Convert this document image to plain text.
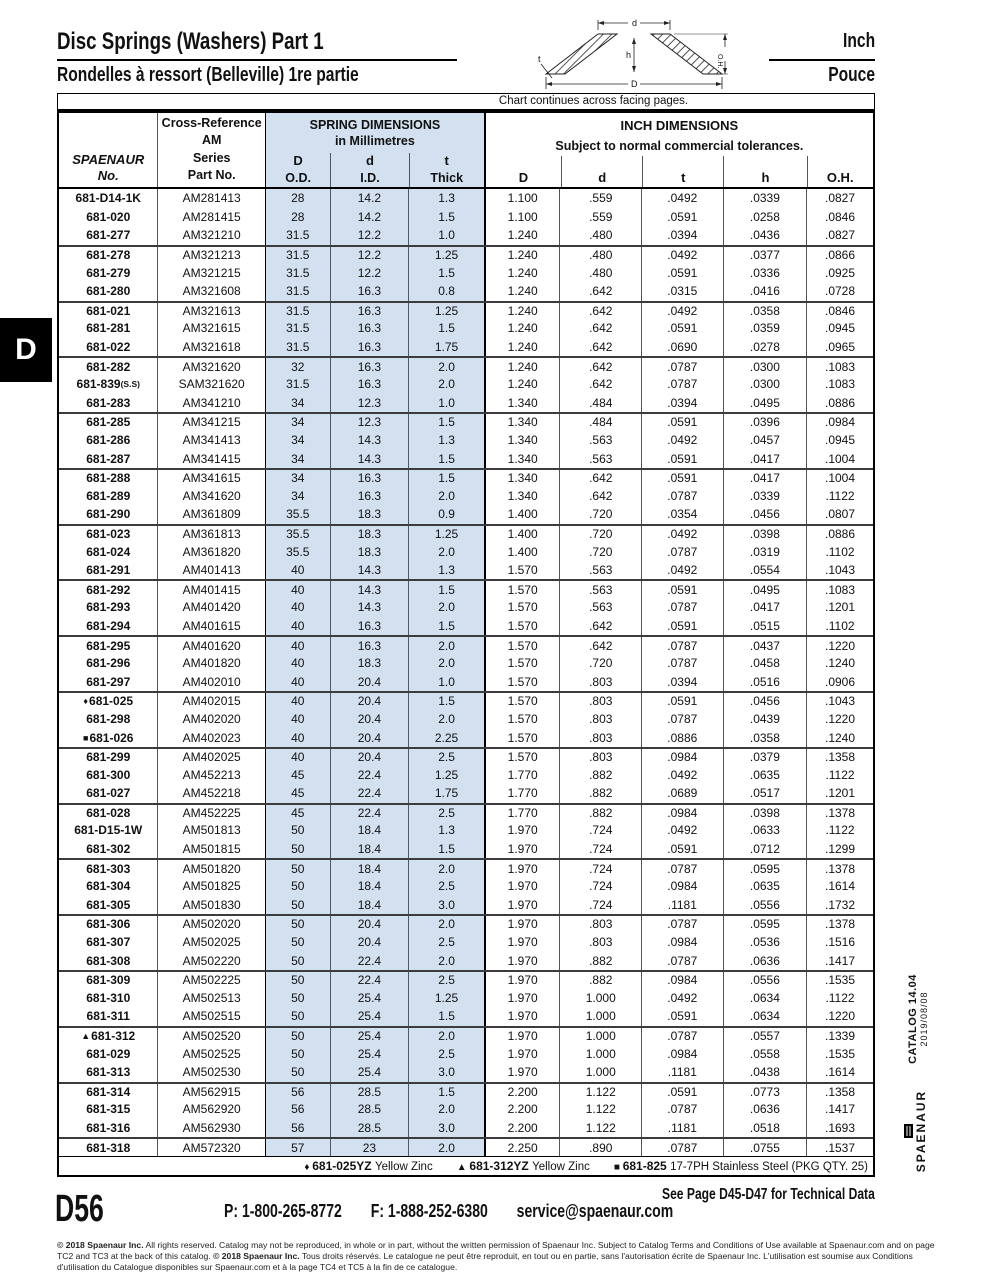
Disc Springs (Washers) Part 1
Rondelles à ressort (Belleville) 1re partie
Inch
Pouce
d
h
t
D
O.H.
Chart continues across facing pages.
SPAENAUR
No.
Cross-Reference
AM
Series
Part No.
SPRING DIMENSIONS
in Millimetres
D
O.D.
d
I.D.
t
Thick
INCH DIMENSIONS
Subject to normal commercial tolerances.
D	d	t	h	O.H.
681-D14-1K	AM281413	28	14.2	1.3	1.100	.559	.0492	.0339	.0827
681-020	AM281415	28	14.2	1.5	1.100	.559	.0591	.0258	.0846
681-277	AM321210	31.5	12.2	1.0	1.240	.480	.0394	.0436	.0827
681-278	AM321213	31.5	12.2	1.25	1.240	.480	.0492	.0377	.0866
681-279	AM321215	31.5	12.2	1.5	1.240	.480	.0591	.0336	.0925
681-280	AM321608	31.5	16.3	0.8	1.240	.642	.0315	.0416	.0728
681-021	AM321613	31.5	16.3	1.25	1.240	.642	.0492	.0358	.0846
681-281	AM321615	31.5	16.3	1.5	1.240	.642	.0591	.0359	.0945
681-022	AM321618	31.5	16.3	1.75	1.240	.642	.0690	.0278	.0965
681-282	AM321620	32	16.3	2.0	1.240	.642	.0787	.0300	.1083
681-839 (S.S)	SAM321620	31.5	16.3	2.0	1.240	.642	.0787	.0300	.1083
681-283	AM341210	34	12.3	1.0	1.340	.484	.0394	.0495	.0886
681-285	AM341215	34	12.3	1.5	1.340	.484	.0591	.0396	.0984
681-286	AM341413	34	14.3	1.3	1.340	.563	.0492	.0457	.0945
681-287	AM341415	34	14.3	1.5	1.340	.563	.0591	.0417	.1004
681-288	AM341615	34	16.3	1.5	1.340	.642	.0591	.0417	.1004
681-289	AM341620	34	16.3	2.0	1.340	.642	.0787	.0339	.1122
681-290	AM361809	35.5	18.3	0.9	1.400	.720	.0354	.0456	.0807
681-023	AM361813	35.5	18.3	1.25	1.400	.720	.0492	.0398	.0886
681-024	AM361820	35.5	18.3	2.0	1.400	.720	.0787	.0319	.1102
681-291	AM401413	40	14.3	1.3	1.570	.563	.0492	.0554	.1043
681-292	AM401415	40	14.3	1.5	1.570	.563	.0591	.0495	.1083
681-293	AM401420	40	14.3	2.0	1.570	.563	.0787	.0417	.1201
681-294	AM401615	40	16.3	1.5	1.570	.642	.0591	.0515	.1102
681-295	AM401620	40	16.3	2.0	1.570	.642	.0787	.0437	.1220
681-296	AM401820	40	18.3	2.0	1.570	.720	.0787	.0458	.1240
681-297	AM402010	40	20.4	1.0	1.570	.803	.0394	.0516	.0906
♦ 681-025	AM402015	40	20.4	1.5	1.570	.803	.0591	.0456	.1043
681-298	AM402020	40	20.4	2.0	1.570	.803	.0787	.0439	.1220
■ 681-026	AM402023	40	20.4	2.25	1.570	.803	.0886	.0358	.1240
681-299	AM402025	40	20.4	2.5	1.570	.803	.0984	.0379	.1358
681-300	AM452213	45	22.4	1.25	1.770	.882	.0492	.0635	.1122
681-027	AM452218	45	22.4	1.75	1.770	.882	.0689	.0517	.1201
681-028	AM452225	45	22.4	2.5	1.770	.882	.0984	.0398	.1378
681-D15-1W	AM501813	50	18.4	1.3	1.970	.724	.0492	.0633	.1122
681-302	AM501815	50	18.4	1.5	1.970	.724	.0591	.0712	.1299
681-303	AM501820	50	18.4	2.0	1.970	.724	.0787	.0595	.1378
681-304	AM501825	50	18.4	2.5	1.970	.724	.0984	.0635	.1614
681-305	AM501830	50	18.4	3.0	1.970	.724	.1181	.0556	.1732
681-306	AM502020	50	20.4	2.0	1.970	.803	.0787	.0595	.1378
681-307	AM502025	50	20.4	2.5	1.970	.803	.0984	.0536	.1516
681-308	AM502220	50	22.4	2.0	1.970	.882	.0787	.0636	.1417
681-309	AM502225	50	22.4	2.5	1.970	.882	.0984	.0556	.1535
681-310	AM502513	50	25.4	1.25	1.970	1.000	.0492	.0634	.1122
681-311	AM502515	50	25.4	1.5	1.970	1.000	.0591	.0634	.1220
▲ 681-312	AM502520	50	25.4	2.0	1.970	1.000	.0787	.0557	.1339
681-029	AM502525	50	25.4	2.5	1.970	1.000	.0984	.0558	.1535
681-313	AM502530	50	25.4	3.0	1.970	1.000	.1181	.0438	.1614
681-314	AM562915	56	28.5	1.5	2.200	1.122	.0591	.0773	.1358
681-315	AM562920	56	28.5	2.0	2.200	1.122	.0787	.0636	.1417
681-316	AM562930	56	28.5	3.0	2.200	1.122	.1181	.0518	.1693
681-318	AM572320	57	23	2.0	2.250	.890	.0787	.0755	.1537
♦ 681-025YZ Yellow Zinc ▲ 681-312YZ Yellow Zinc ■ 681-825 17-7PH Stainless Steel (PKG QTY. 25)
D
CATALOG 14.04 2019/08/08
SPAENAUR
D56	P: 1-800-265-8772 F: 1-888-252-6380 service@spaenaur.com
See Page D45-D47 for Technical Data
© 2018 Spaenaur Inc. All rights reserved. Catalog may not be reproduced, in whole or in part, without the written permission of Spaenaur Inc. Subject to Catalog Terms and Conditions of Use available at Spaenaur.com and on page TC2 and TC3 at the back of this catalog. © 2018 Spaenaur Inc. Tous droits réservés. Le catalogue ne peut être reproduit, en tout ou en partie, sans l'autorisation écrite de Spaenaur Inc. L'utilisation est soumise aux Conditions d'utilisation du Catalogue disponibles sur Spaenaur.com et à la page TC4 et TC5 à la fin de ce catalogue.
